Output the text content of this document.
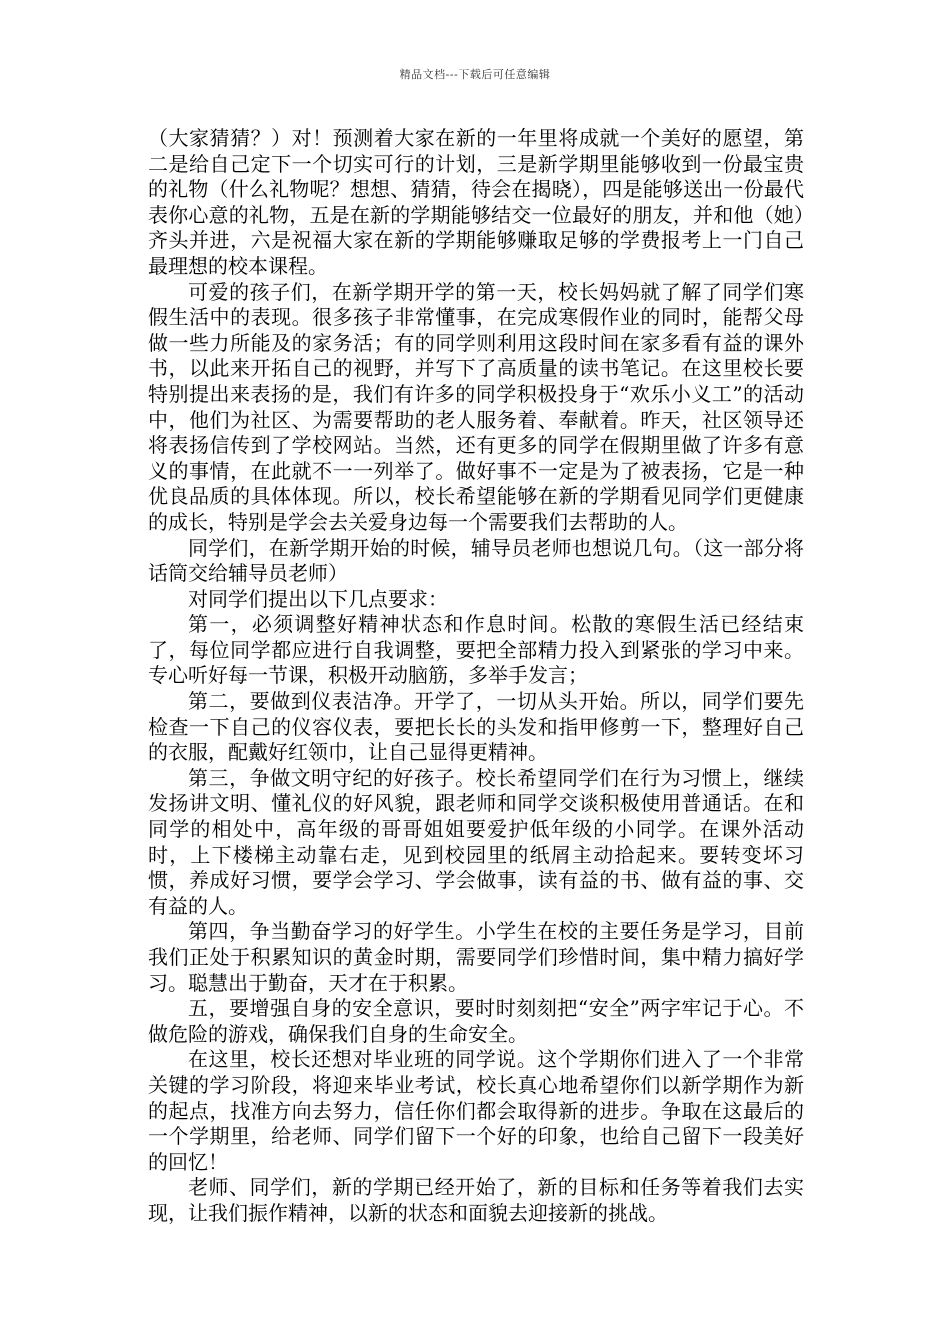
精品文档---下载后可任意编辑

（大家猜猜？）对！预测着大家在新的一年里将成就一个美好的愿望，第二是给自己定下一个切实可行的计划，三是新学期里能够收到一份最宝贵的礼物（什么礼物呢？想想、猜猜，待会在揭晓），四是能够送出一份最代表你心意的礼物，五是在新的学期能够结交一位最好的朋友，并和他（她）齐头并进，六是祝福大家在新的学期能够赚取足够的学费报考上一门自己最理想的校本课程。

可爱的孩子们，在新学期开学的第一天，校长妈妈就了解了同学们寒假生活中的表现。很多孩子非常懂事，在完成寒假作业的同时，能帮父母做一些力所能及的家务活；有的同学则利用这段时间在家多看有益的课外书，以此来开拓自己的视野，并写下了高质量的读书笔记。在这里校长要特别提出来表扬的是，我们有许多的同学积极投身于“欢乐小义工”的活动中，他们为社区、为需要帮助的老人服务着、奉献着。昨天，社区领导还将表扬信传到了学校网站。当然，还有更多的同学在假期里做了许多有意义的事情，在此就不一一列举了。做好事不一定是为了被表扬，它是一种优良品质的具体体现。所以，校长希望能够在新的学期看见同学们更健康的成长，特别是学会去关爱身边每一个需要我们去帮助的人。

同学们，在新学期开始的时候，辅导员老师也想说几句。（这一部分将话筒交给辅导员老师）

对同学们提出以下几点要求：

第一，必须调整好精神状态和作息时间。松散的寒假生活已经结束了，每位同学都应进行自我调整，要把全部精力投入到紧张的学习中来。专心听好每一节课，积极开动脑筋，多举手发言；

第二，要做到仪表洁净。开学了，一切从头开始。所以，同学们要先检查一下自己的仪容仪表，要把长长的头发和指甲修剪一下，整理好自己的衣服，配戴好红领巾，让自己显得更精神。

第三，争做文明守纪的好孩子。校长希望同学们在行为习惯上，继续发扬讲文明、懂礼仪的好风貌，跟老师和同学交谈积极使用普通话。在和同学的相处中，高年级的哥哥姐姐要爱护低年级的小同学。在课外活动时，上下楼梯主动靠右走，见到校园里的纸屑主动拾起来。要转变坏习惯，养成好习惯，要学会学习、学会做事，读有益的书、做有益的事、交有益的人。

第四，争当勤奋学习的好学生。小学生在校的主要任务是学习，目前我们正处于积累知识的黄金时期，需要同学们珍惜时间，集中精力搞好学习。聪慧出于勤奋，天才在于积累。

五，要增强自身的安全意识，要时时刻刻把“安全”两字牢记于心。不做危险的游戏，确保我们自身的生命安全。

在这里，校长还想对毕业班的同学说。这个学期你们进入了一个非常关键的学习阶段，将迎来毕业考试，校长真心地希望你们以新学期作为新的起点，找准方向去努力，信任你们都会取得新的进步。争取在这最后的一个学期里，给老师、同学们留下一个好的印象，也给自己留下一段美好的回忆！

老师、同学们，新的学期已经开始了，新的目标和任务等着我们去实现，让我们振作精神，以新的状态和面貌去迎接新的挑战。
